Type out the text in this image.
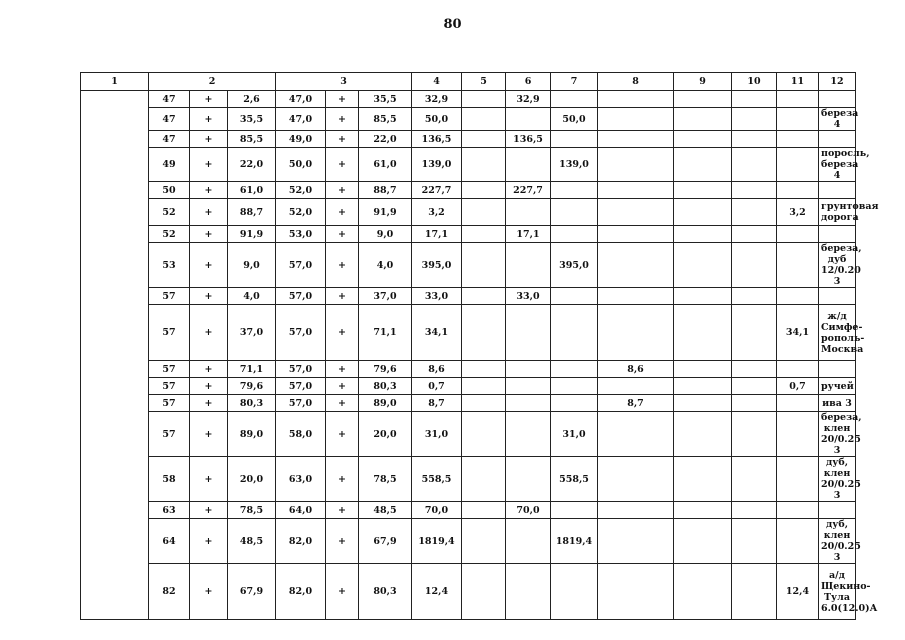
80
1	2			3			4	5	6	7	8	9	10	11	12
	47	+	2,6	47,0	+	35,5	32,9		32,9						
	47	+	35,5	47,0	+	85,5	50,0			50,0					береза 4
	47	+	85,5	49,0	+	22,0	136,5		136,5						
	49	+	22,0	50,0	+	61,0	139,0			139,0					поросль,
береза 4
	50	+	61,0	52,0	+	88,7	227,7		227,7						
	52	+	88,7	52,0	+	91,9	3,2							3,2	грунтовая
дорога
	52	+	91,9	53,0	+	9,0	17,1		17,1						
	53	+	9,0	57,0	+	4,0	395,0			395,0					береза,
дуб
12/0.20 3
	57	+	4,0	57,0	+	37,0	33,0		33,0						
	57	+	37,0	57,0	+	71,1	34,1							34,1	ж/д
Симфе-
рополь-
Москва
	57	+	71,1	57,0	+	79,6	8,6				8,6				
	57	+	79,6	57,0	+	80,3	0,7							0,7	ручей
	57	+	80,3	57,0	+	89,0	8,7				8,7				ива 3
	57	+	89,0	58,0	+	20,0	31,0			31,0					береза,
клен
20/0.25 3
	58	+	20,0	63,0	+	78,5	558,5			558,5					дуб, клен
20/0.25 3
	63	+	78,5	64,0	+	48,5	70,0		70,0						
	64	+	48,5	82,0	+	67,9	1819,4			1819,4					дуб, клен
20/0.25 3
	82	+	67,9	82,0	+	80,3	12,4							12,4	а/д
Щекино-
Тула
6.0(12.0)А
